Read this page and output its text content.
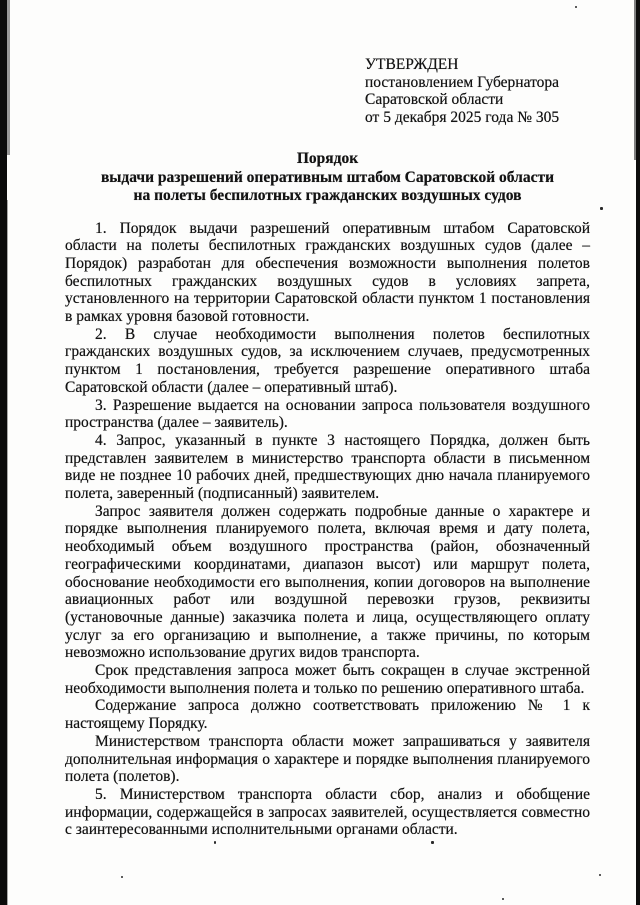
УТВЕРЖДЕН
постановлением Губернатора
Саратовской области
от 5 декабря 2025 года № 305
Порядок
выдачи разрешений оперативным штабом Саратовской области
на полеты беспилотных гражданских воздушных судов

1. Порядок выдачи разрешений оперативным штабом Саратовской области на полеты беспилотных гражданских воздушных судов (далее – Порядок) разработан для обеспечения возможности выполнения полетов беспилотных гражданских воздушных судов в условиях запрета, установленного на территории Саратовской области пунктом 1 постановления в рамках уровня базовой готовности.

2. В случае необходимости выполнения полетов беспилотных гражданских воздушных судов, за исключением случаев, предусмотренных пунктом 1 постановления, требуется разрешение оперативного штаба Саратовской области (далее – оперативный штаб).

3. Разрешение выдается на основании запроса пользователя воздушного пространства (далее – заявитель).

4. Запрос, указанный в пункте 3 настоящего Порядка, должен быть представлен заявителем в министерство транспорта области в письменном виде не позднее 10 рабочих дней, предшествующих дню начала планируемого полета, заверенный (подписанный) заявителем.

Запрос заявителя должен содержать подробные данные о характере и порядке выполнения планируемого полета, включая время и дату полета, необходимый объем воздушного пространства (район, обозначенный географическими координатами, диапазон высот) или маршрут полета, обоснование необходимости его выполнения, копии договоров на выполнение авиационных работ или воздушной перевозки грузов, реквизиты (установочные данные) заказчика полета и лица, осуществляющего оплату услуг за его организацию и выполнение, а также причины, по которым невозможно использование других видов транспорта.

Срок представления запроса может быть сокращен в случае экстренной необходимости выполнения полета и только по решению оперативного штаба.

Содержание запроса должно соответствовать приложению № 1 к настоящему Порядку.

Министерством транспорта области может запрашиваться у заявителя дополнительная информация о характере и порядке выполнения планируемого полета (полетов).

5. Министерством транспорта области сбор, анализ и обобщение информации, содержащейся в запросах заявителей, осуществляется совместно с заинтересованными исполнительными органами области.
